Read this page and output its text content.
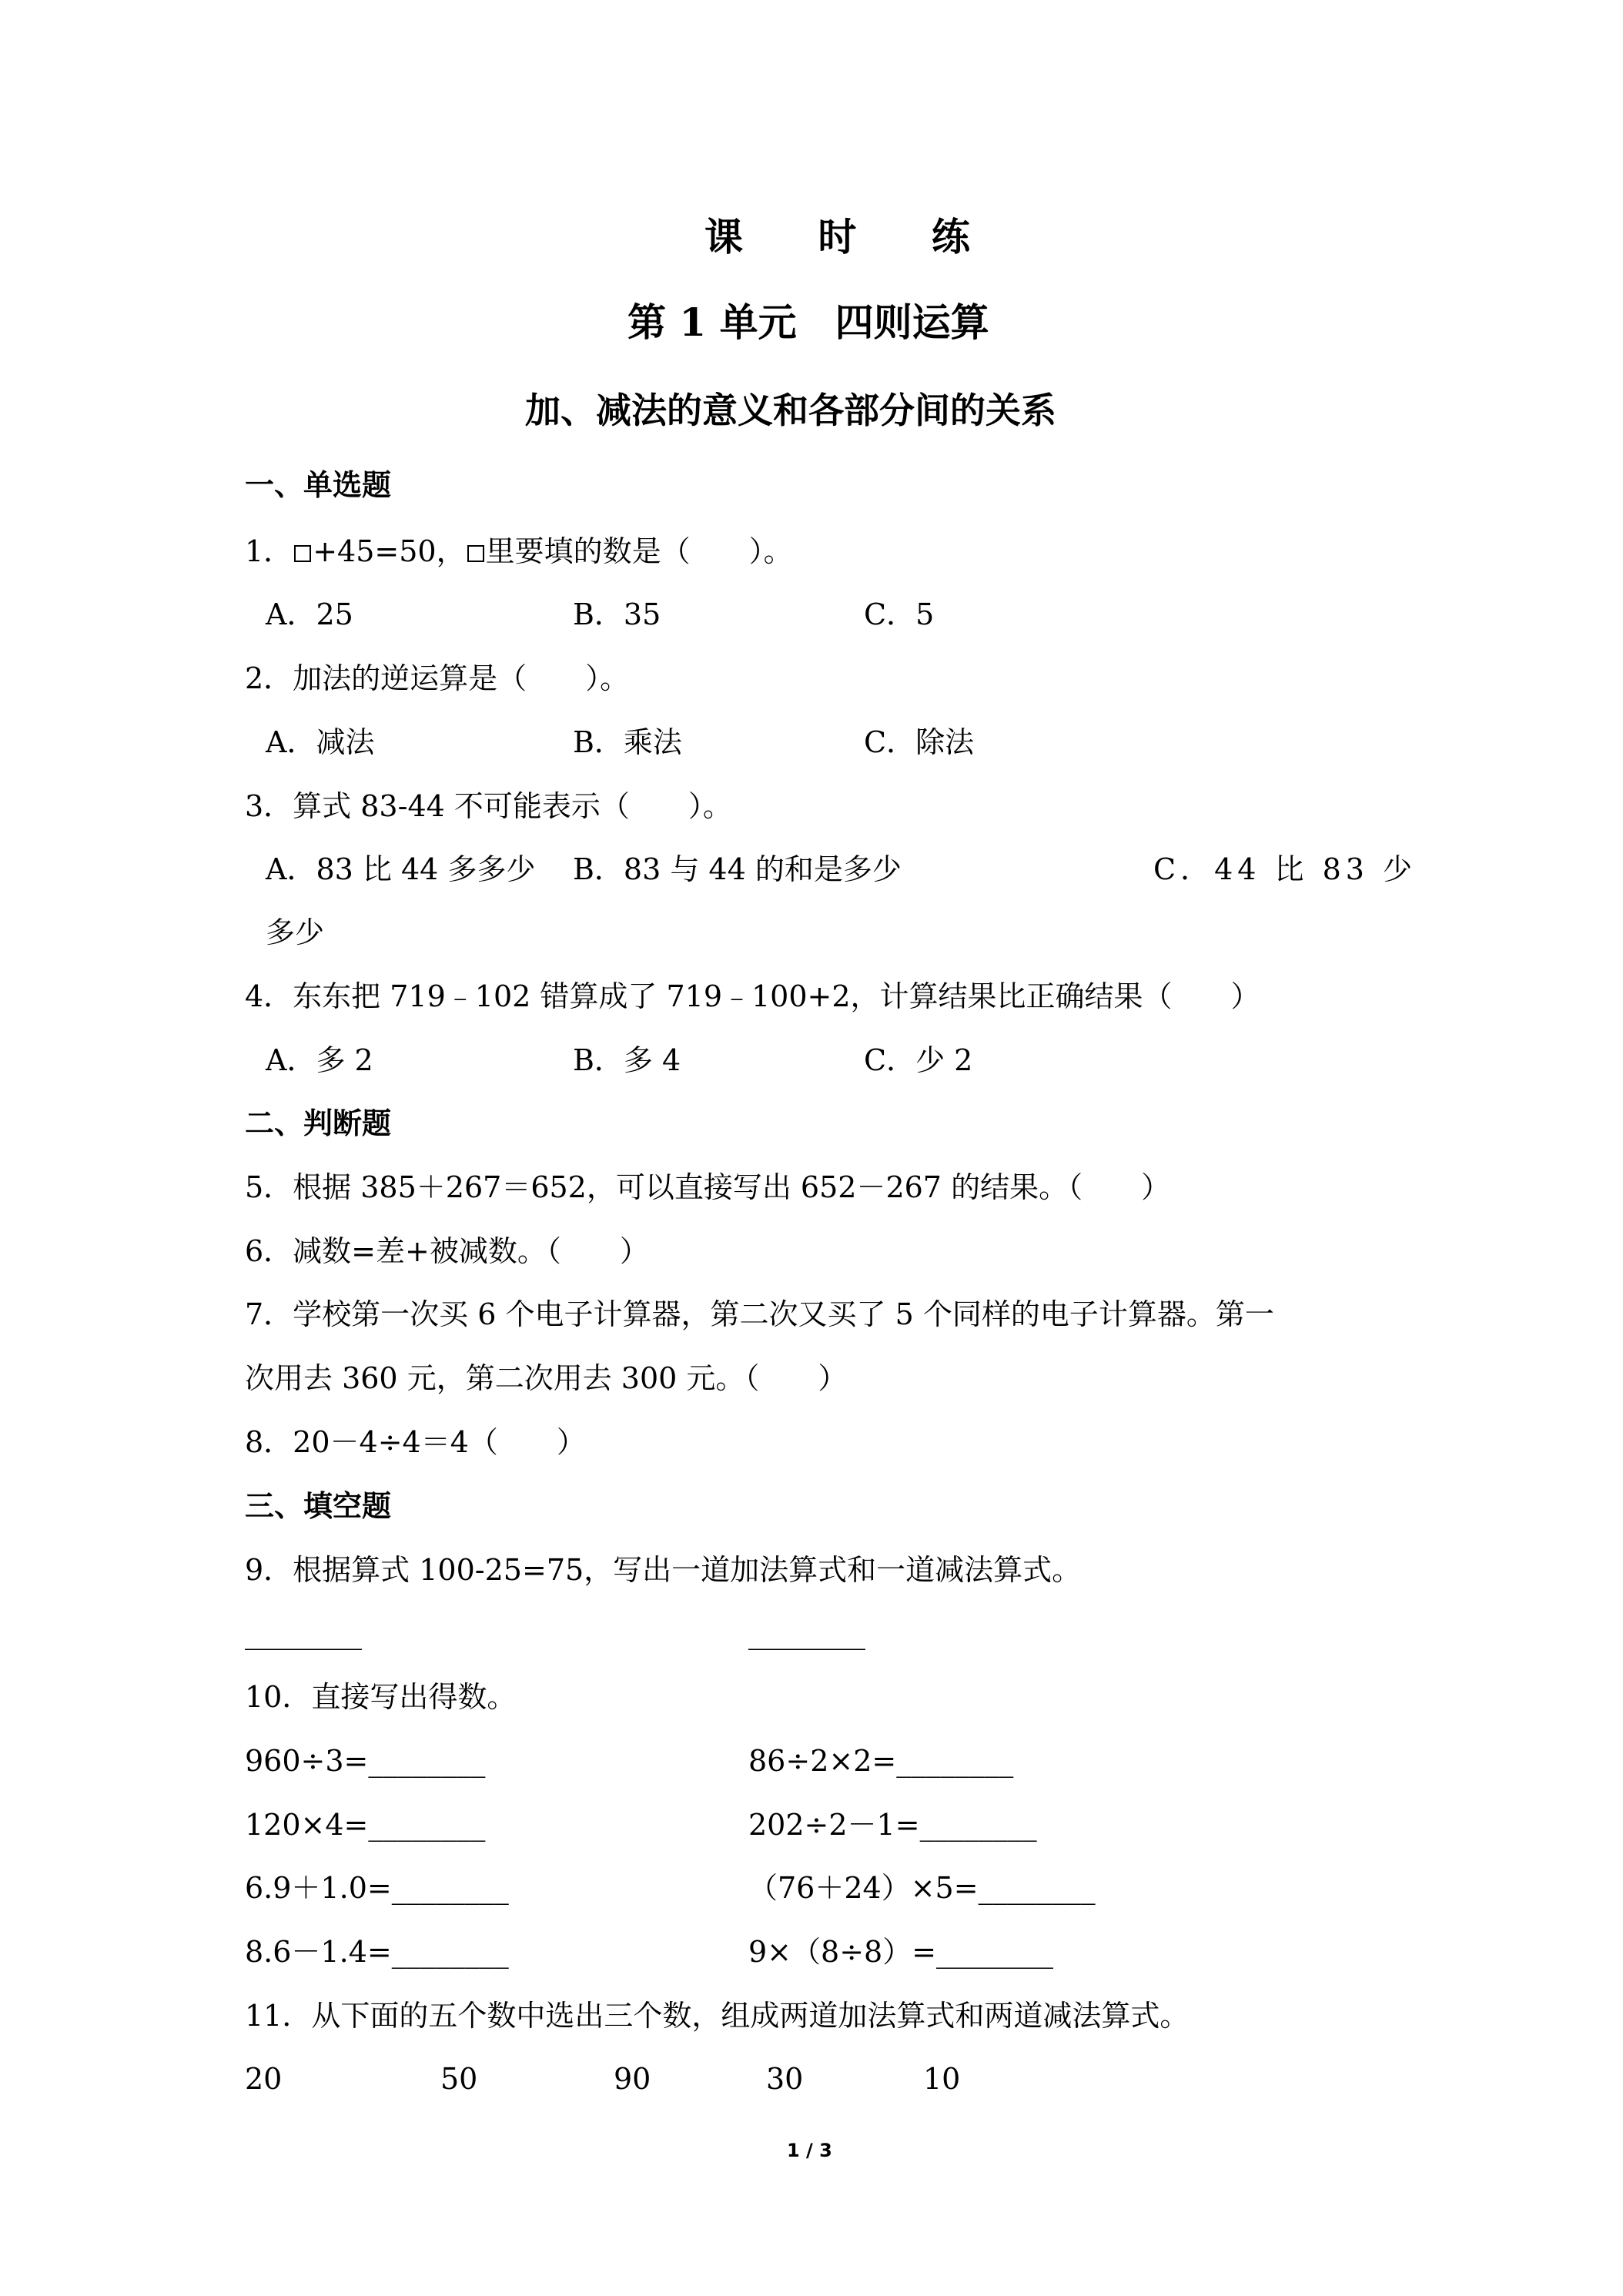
课 时 练
第 1 单元　四则运算
加、减法的意义和各部分间的关系
一、单选题
1． +45=50， 里要填的数是（　　）。
A．25	B．35	C．5
2．加法的逆运算是（　　）。
A．减法	B．乘法	C．除法
3．算式 83-44 不可能表示（　　）。
A．83 比 44 多多少 B．83 与 44 的和是多少	C．44 比 83 少
多少
4．东东把 719﹣102 错算成了 719﹣100+2，计算结果比正确结果（　　）
A．多 2	B．多 4	C．少 2
二、判断题
5．根据 385＋267＝652，可以直接写出 652－267 的结果。（　　）
6．减数=差+被减数。（　　）
7．学校第一次买 6 个电子计算器，第二次又买了 5 个同样的电子计算器。第一
次用去 360 元，第二次用去 300 元。（　　）
8．20－4÷4＝4（　　）
三、填空题
9．根据算式 100-25=75，写出一道加法算式和一道减法算式。
________	________
10．直接写出得数。
960÷3=________	86÷2×2=________
120×4=________	202÷2－1=________
6.9＋1.0=________	（76＋24）×5=________
8.6－1.4=________	9×（8÷8）=________
11．从下面的五个数中选出三个数，组成两道加法算式和两道减法算式。
20	50	90	30	10
1 / 3
